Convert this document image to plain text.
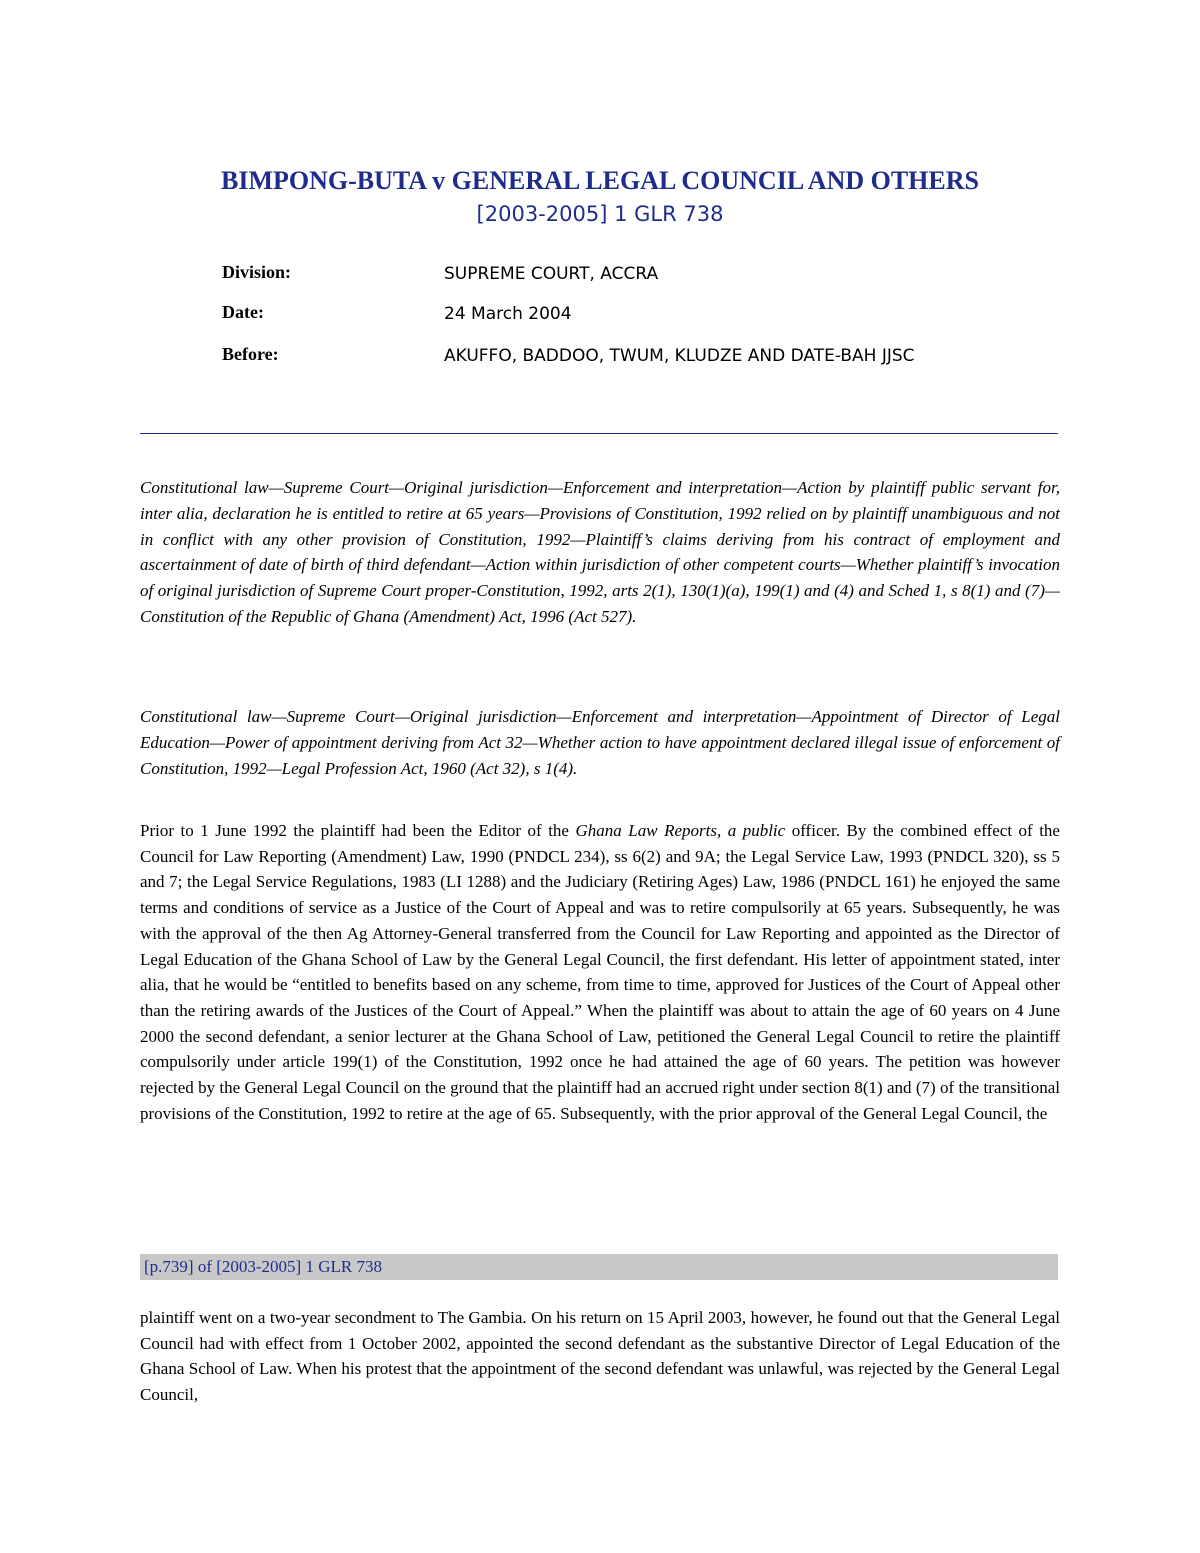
BIMPONG-BUTA v GENERAL LEGAL COUNCIL AND OTHERS
[2003-2005] 1 GLR 738
Division:	SUPREME COURT, ACCRA
Date:	24 March 2004
Before:	AKUFFO, BADDOO, TWUM, KLUDZE AND DATE-BAH JJSC

Constitutional law—Supreme Court—Original jurisdiction—Enforcement and interpretation—Action by plaintiff public servant for, inter alia, declaration he is entitled to retire at 65 years—Provisions of Constitution, 1992 relied on by plaintiff unambiguous and not in conflict with any other provision of Constitution, 1992—Plaintiff’s claims deriving from his contract of employment and ascertainment of date of birth of third defendant—Action within jurisdiction of other competent courts—Whether plaintiff’s invocation of original jurisdiction of Supreme Court proper-Constitution, 1992, arts 2(1), 130(1)(a), 199(1) and (4) and Sched 1, s 8(1) and (7)—Constitution of the Republic of Ghana (Amendment) Act, 1996 (Act 527).

Constitutional law—Supreme Court—Original jurisdiction—Enforcement and interpretation—Appointment of Director of Legal Education—Power of appointment deriving from Act 32—Whether action to have appointment declared illegal issue of enforcement of Constitution, 1992—Legal Profession Act, 1960 (Act 32), s 1(4).

Prior to 1 June 1992 the plaintiff had been the Editor of the Ghana Law Reports, a public officer. By the combined effect of the Council for Law Reporting (Amendment) Law, 1990 (PNDCL 234), ss 6(2) and 9A; the Legal Service Law, 1993 (PNDCL 320), ss 5 and 7; the Legal Service Regulations, 1983 (LI 1288) and the Judiciary (Retiring Ages) Law, 1986 (PNDCL 161) he enjoyed the same terms and conditions of service as a Justice of the Court of Appeal and was to retire compulsorily at 65 years. Subsequently, he was with the approval of the then Ag Attorney-General transferred from the Council for Law Reporting and appointed as the Director of Legal Education of the Ghana School of Law by the General Legal Council, the first defendant. His letter of appointment stated, inter alia, that he would be “entitled to benefits based on any scheme, from time to time, approved for Justices of the Court of Appeal other than the retiring awards of the Justices of the Court of Appeal.” When the plaintiff was about to attain the age of 60 years on 4 June 2000 the second defendant, a senior lecturer at the Ghana School of Law, petitioned the General Legal Council to retire the plaintiff compulsorily under article 199(1) of the Constitution, 1992 once he had attained the age of 60 years. The petition was however rejected by the General Legal Council on the ground that the plaintiff had an accrued right under section 8(1) and (7) of the transitional provisions of the Constitution, 1992 to retire at the age of 65. Subsequently, with the prior approval of the General Legal Council, the

[p.739] of [2003-2005] 1 GLR 738

plaintiff went on a two-year secondment to The Gambia. On his return on 15 April 2003, however, he found out that the General Legal Council had with effect from 1 October 2002, appointed the second defendant as the substantive Director of Legal Education of the Ghana School of Law. When his protest that the appointment of the second defendant was unlawful, was rejected by the General Legal Council,
